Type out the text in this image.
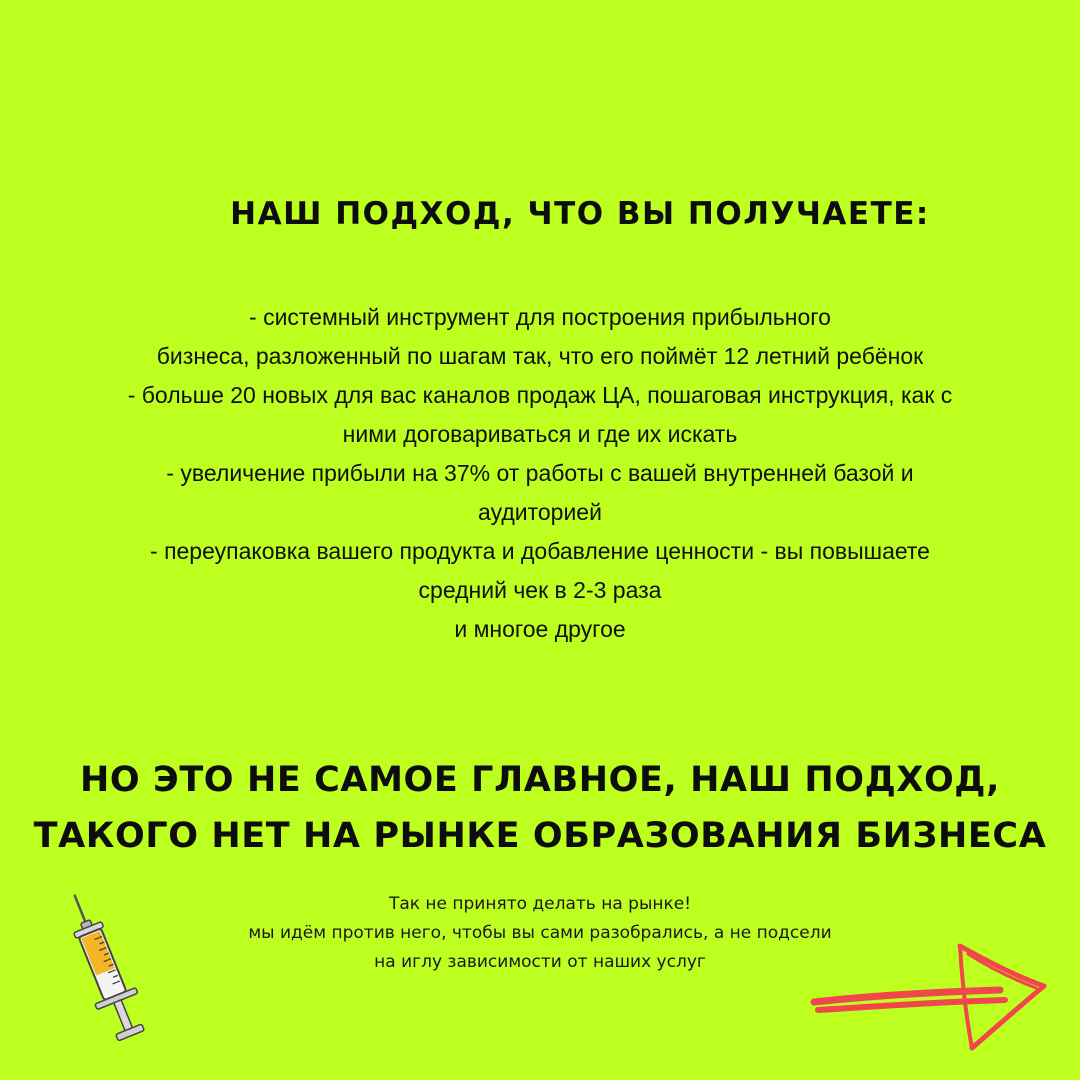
НАШ ПОДХОД, ЧТО ВЫ ПОЛУЧАЕТЕ:
- системный инструмент для построения прибыльного
бизнеса, разложенный по шагам так, что его поймёт 12 летний ребёнок
- больше 20 новых для вас каналов продаж ЦА, пошаговая инструкция, как с
ними договариваться и где их искать
- увеличение прибыли на 37% от работы с вашей внутренней базой и
аудиторией
- переупаковка вашего продукта и добавление ценности - вы повышаете
средний чек в 2-3 раза
и многое другое
НО ЭТО НЕ САМОЕ ГЛАВНОЕ, НАШ ПОДХОД,
ТАКОГО НЕТ НА РЫНКЕ ОБРАЗОВАНИЯ БИЗНЕСА
Так не принято делать на рынке!
мы идём против него, чтобы вы сами разобрались, а не подсели
на иглу зависимости от наших услуг
